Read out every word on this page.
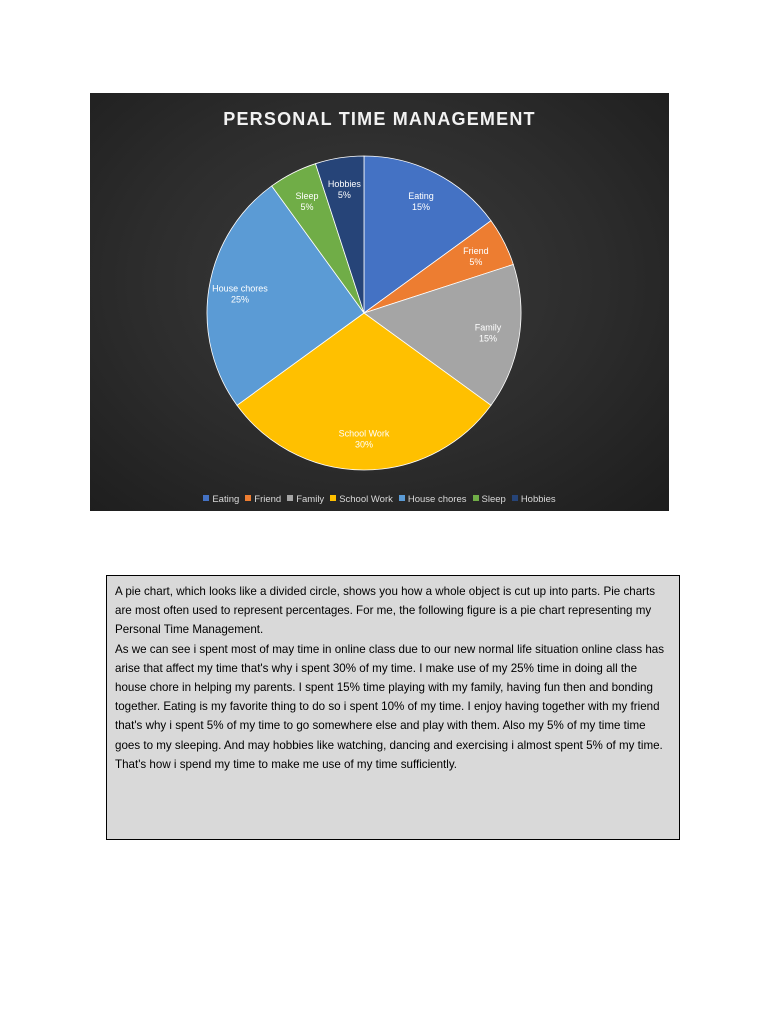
Eating
15%
Friend
5%
Family
15%
School Work
30%
House chores
25%
Sleep
5%
Hobbies
5%
PERSONAL TIME MANAGEMENT
Eating Friend Family School Work House chores Sleep Hobbies

A pie chart, which looks like a divided circle, shows you how a whole object is cut up into parts. Pie charts are most often used to represent percentages. For me, the following figure is a pie chart representing my Personal Time Management.

As we can see i spent most of may time in online class due to our new normal life situation online class has arise that affect my time that's why i spent 30% of my time. I make use of my 25% time in doing all the house chore in helping my parents. I spent 15% time playing with my family, having fun then and bonding together. Eating is my favorite thing to do so i spent 10% of my time. I enjoy having together with my friend that's why i spent 5% of my time to go somewhere else and play with them. Also my 5% of my time time goes to my sleeping. And may hobbies like watching, dancing and exercising i almost spent 5% of my time. That's how i spend my time to make me use of my time sufficiently.
